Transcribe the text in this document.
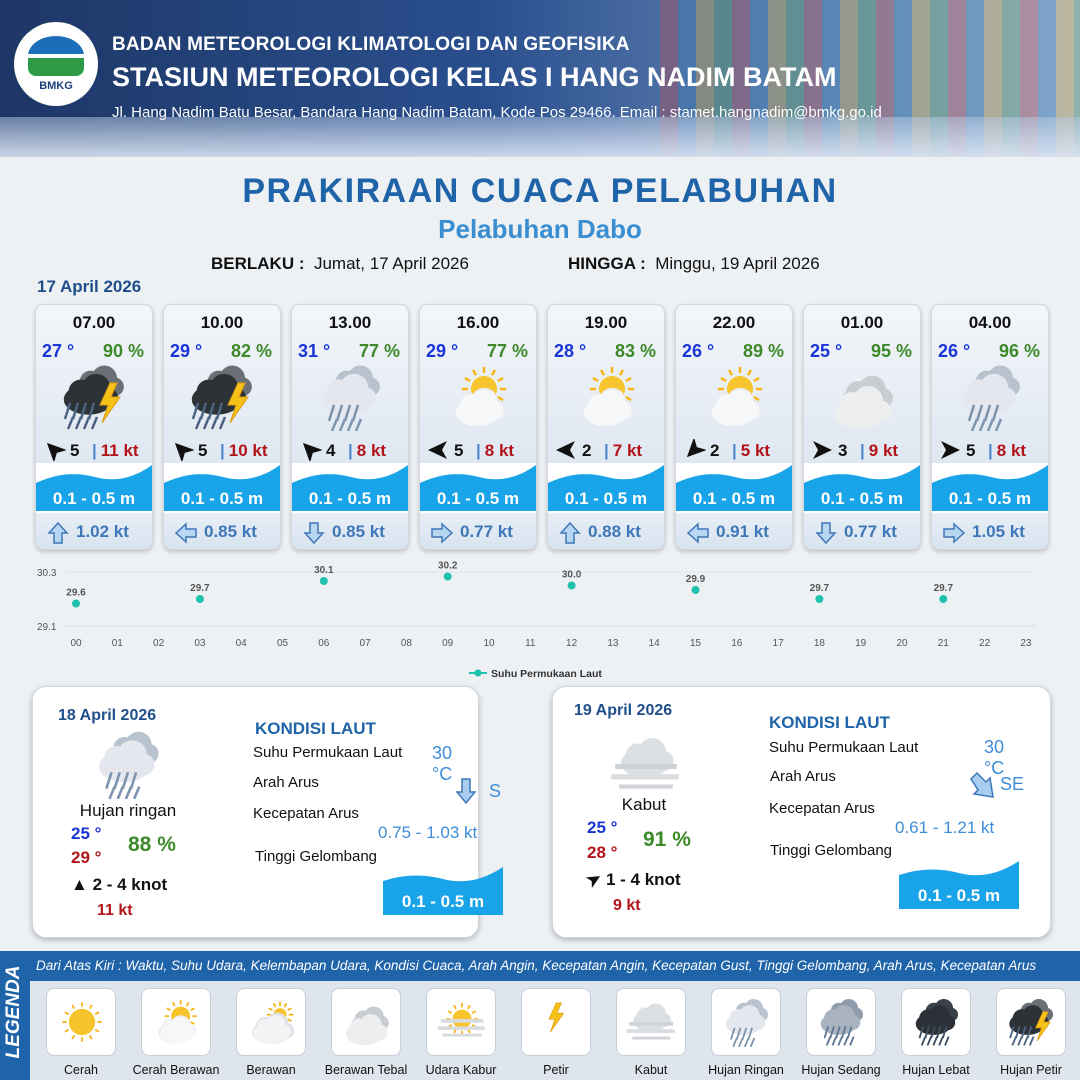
BMKG
BADAN METEOROLOGI KLIMATOLOGI DAN GEOFISIKA
STASIUN METEOROLOGI KELAS I HANG NADIM BATAM
Jl. Hang Nadim Batu Besar, Bandara Hang Nadim Batam, Kode Pos 29466. Email : stamet.hangnadim@bmkg.go.id
PRAKIRAAN CUACA PELABUHAN
Pelabuhan Dabo
BERLAKU : Jumat, 17 April 2026	HINGGA : Minggu, 19 April 2026
17 April 2026
07.00
27 ° 90 %
5 | 11 kt
0.1 - 0.5 m
1.02 kt
10.00
29 ° 82 %
5 | 10 kt
0.1 - 0.5 m
0.85 kt
13.00
31 ° 77 %
4 | 8 kt
0.1 - 0.5 m
0.85 kt
16.00
29 ° 77 %
5 | 8 kt
0.1 - 0.5 m
0.77 kt
19.00
28 ° 83 %
2 | 7 kt
0.1 - 0.5 m
0.88 kt
22.00
26 ° 89 %
2 | 5 kt
0.1 - 0.5 m
0.91 kt
01.00
25 ° 95 %
3 | 9 kt
0.1 - 0.5 m
0.77 kt
04.00
26 ° 96 %
5 | 8 kt
0.1 - 0.5 m
1.05 kt
30.3
29.1
00	01	02	03	04	05	06	07	08	09	10	11	12	13	14	15	16	17	18	19	20	21	22	23
29.6	29.7
30.1	30.2
30.0	29.9
29.7	29.7
Suhu Permukaan Laut
18 April 2026
Hujan ringan
25 °
29 °
88 %
▲ 2 - 4 knot
11 kt
KONDISI LAUT
Suhu Permukaan Laut 30 °C
Arah Arus	S
Kecepatan Arus
0.75 - 1.03 kt
Tinggi Gelombang
0.1 - 0.5 m
19 April 2026
Kabut
25 °
28 °
91 %
➤ 1 - 4 knot
9 kt
KONDISI LAUT
Suhu Permukaan Laut	30 °C
Arah Arus	SE
Kecepatan Arus
0.61 - 1.21 kt
Tinggi Gelombang
0.1 - 0.5 m
LEGENDA
Dari Atas Kiri : Waktu, Suhu Udara, Kelembapan Udara, Kondisi Cuaca, Arah Angin, Kecepatan Angin, Kecepatan Gust, Tinggi Gelombang, Arah Arus, Kecepatan Arus
Cerah	Cerah Berawan	Berawan	Berawan Tebal	Udara Kabur	Petir	Kabut	Hujan Ringan	Hujan Sedang	Hujan Lebat	Hujan Petir
